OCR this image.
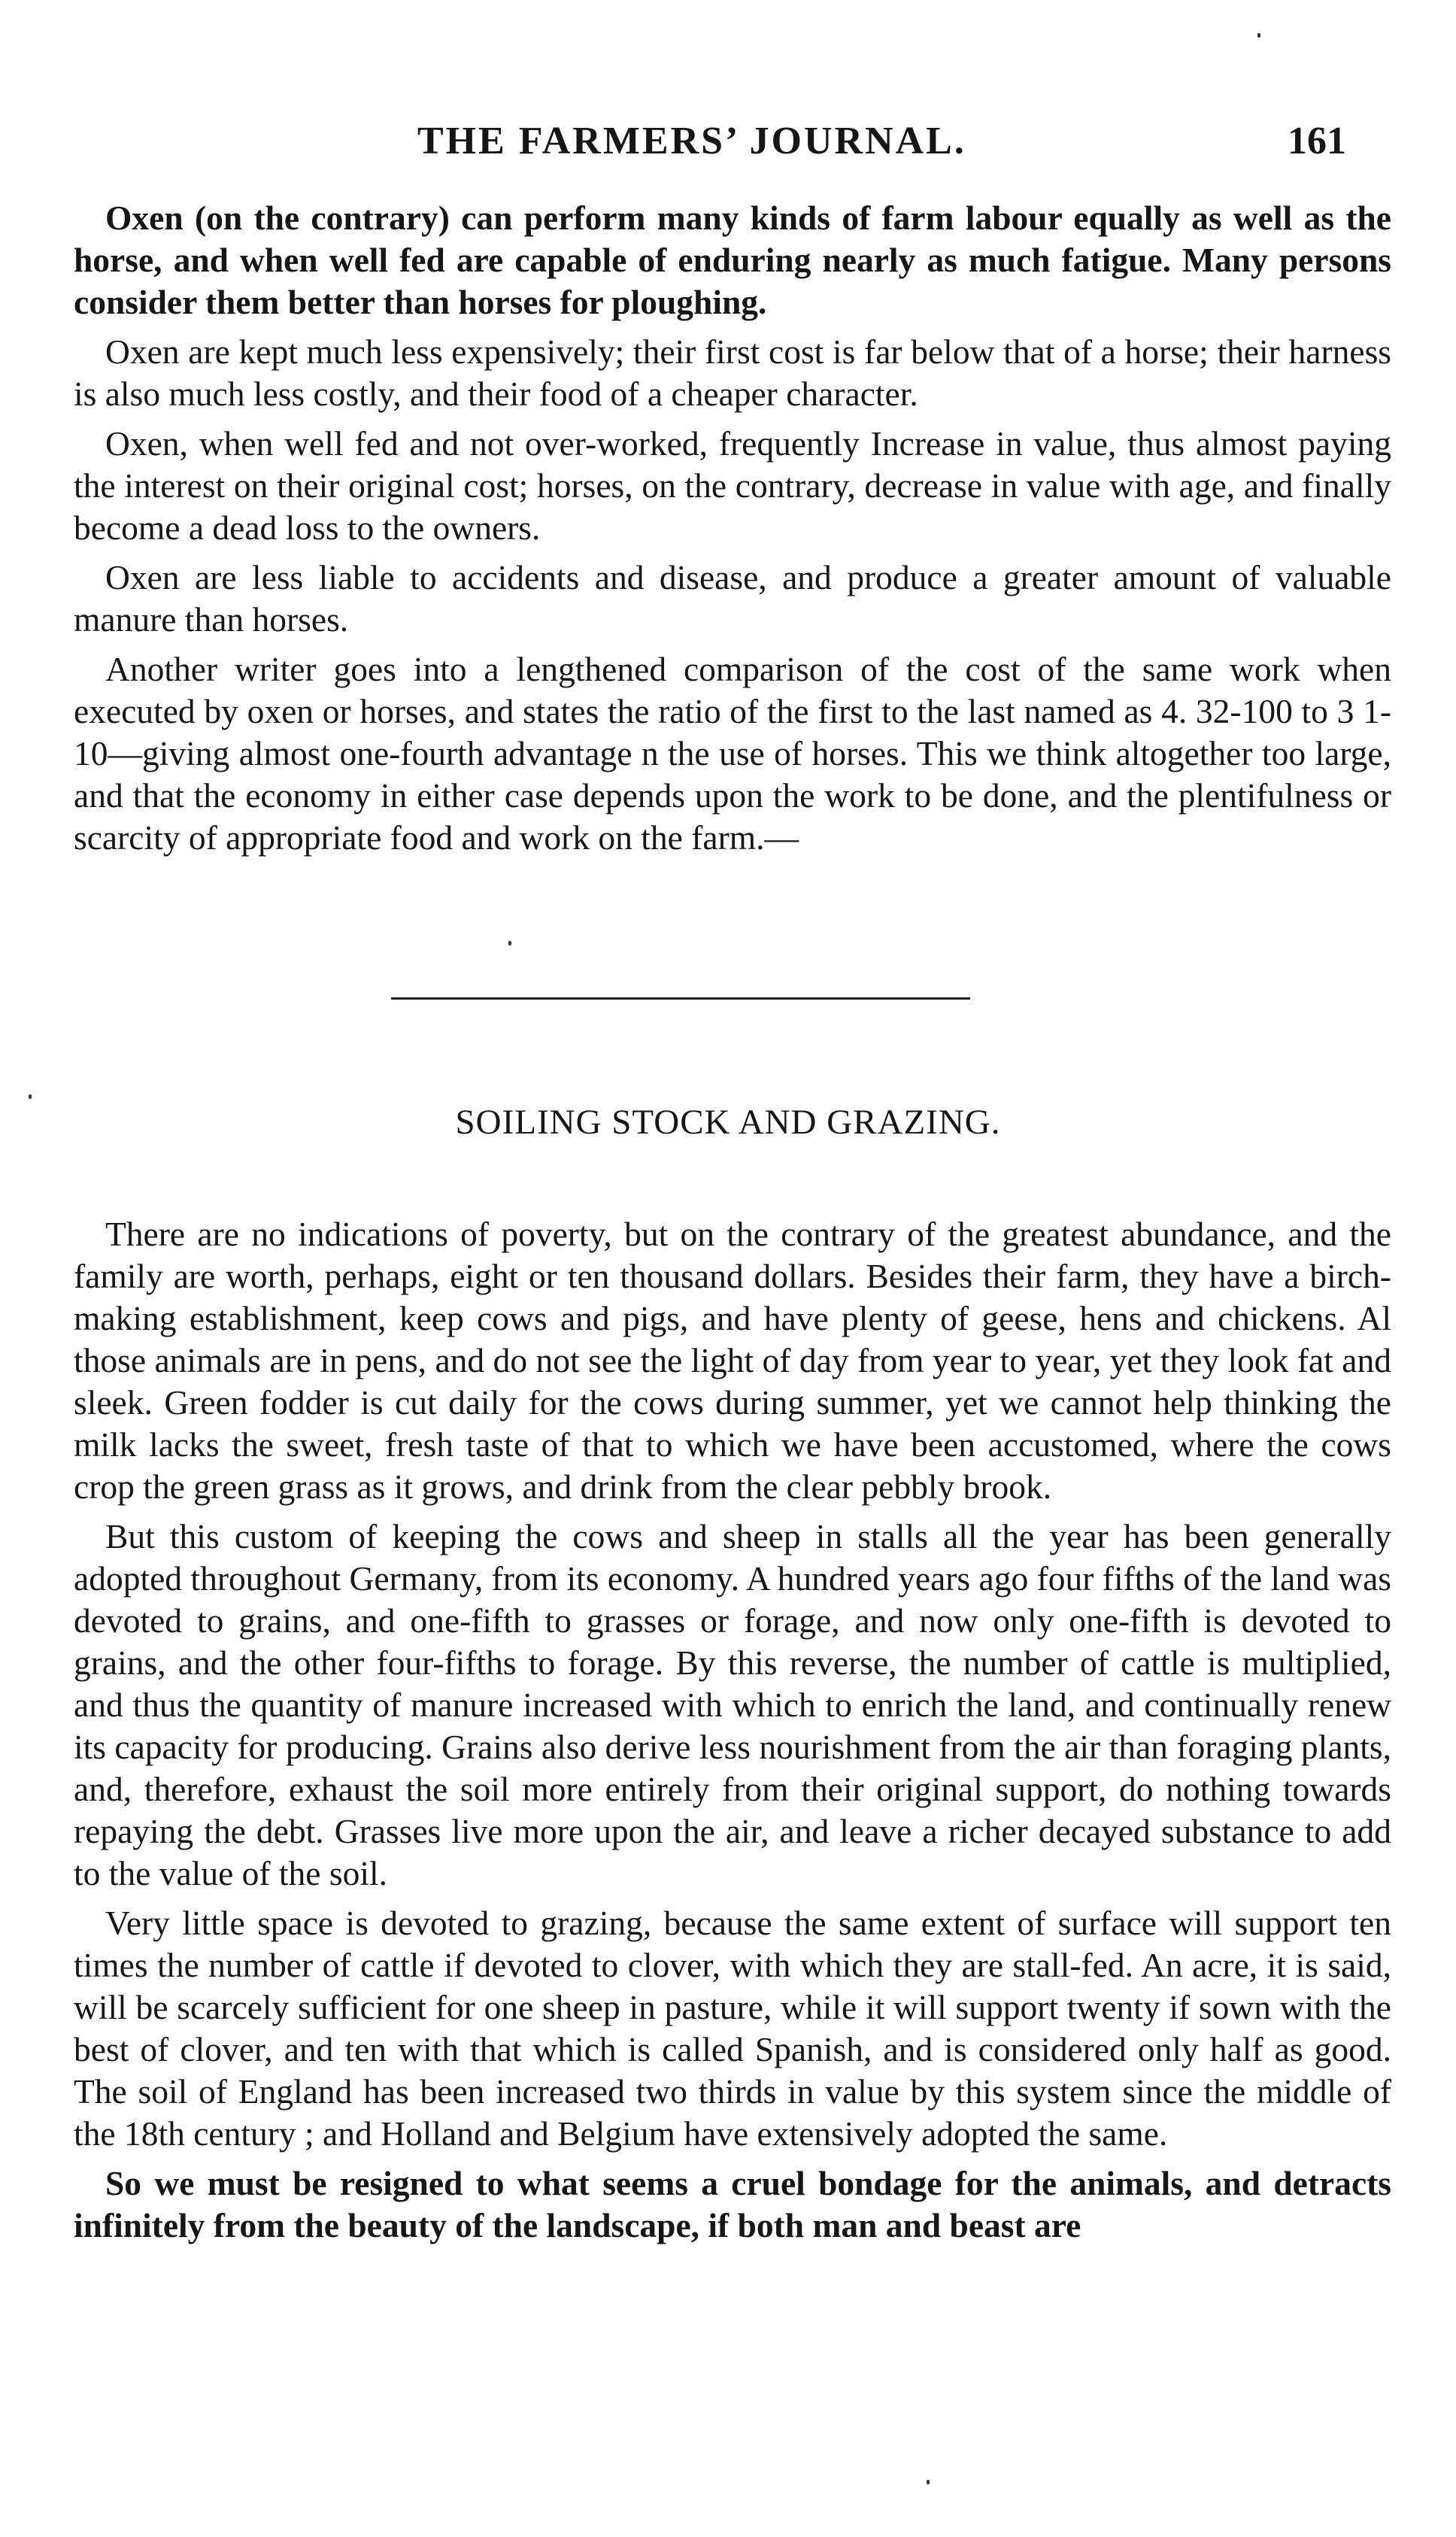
THE FARMERS’ JOURNAL.	161

Oxen (on the contrary) can perform many kinds of farm labour equally as well as the horse, and when well fed are capable of enduring nearly as much fatigue. Many persons consider them better than horses for ploughing.

Oxen are kept much less expensively; their first cost is far below that of a horse; their harness is also much less costly, and their food of a cheaper character.

Oxen, when well fed and not over-worked, frequently Increase in value, thus almost paying the interest on their original cost; horses, on the contrary, decrease in value with age, and finally become a dead loss to the owners.

Oxen are less liable to accidents and disease, and produce a greater amount of valuable manure than horses.

Another writer goes into a lengthened comparison of the cost of the same work when executed by oxen or horses, and states the ratio of the first to the last named as 4. 32-100 to 3 1-10—giving almost one-fourth advantage n the use of horses. This we think altogether too large, and that the economy in either case depends upon the work to be done, and the plentifulness or scarcity of appropriate food and work on the farm.—

SOILING STOCK AND GRAZING.

There are no indications of poverty, but on the contrary of the greatest abundance, and the family are worth, perhaps, eight or ten thousand dollars. Besides their farm, they have a birch-making establishment, keep cows and pigs, and have plenty of geese, hens and chickens. Al those animals are in pens, and do not see the light of day from year to year, yet they look fat and sleek. Green fodder is cut daily for the cows during summer, yet we cannot help thinking the milk lacks the sweet, fresh taste of that to which we have been accustomed, where the cows crop the green grass as it grows, and drink from the clear pebbly brook.

But this custom of keeping the cows and sheep in stalls all the year has been generally adopted throughout Germany, from its economy. A hundred years ago four fifths of the land was devoted to grains, and one-fifth to grasses or forage, and now only one-fifth is devoted to grains, and the other four-fifths to forage. By this reverse, the number of cattle is multiplied, and thus the quantity of manure increased with which to enrich the land, and continually renew its capacity for producing. Grains also derive less nourishment from the air than foraging plants, and, therefore, exhaust the soil more entirely from their original support, do nothing towards repaying the debt. Grasses live more upon the air, and leave a richer decayed substance to add to the value of the soil.

Very little space is devoted to grazing, because the same extent of surface will support ten times the number of cattle if devoted to clover, with which they are stall-fed. An acre, it is said, will be scarcely sufficient for one sheep in pasture, while it will support twenty if sown with the best of clover, and ten with that which is called Spanish, and is considered only half as good. The soil of England has been increased two thirds in value by this system since the middle of the 18th century ; and Holland and Belgium have extensively adopted the same.

So we must be resigned to what seems a cruel bondage for the animals, and detracts infinitely from the beauty of the landscape, if both man and beast are
